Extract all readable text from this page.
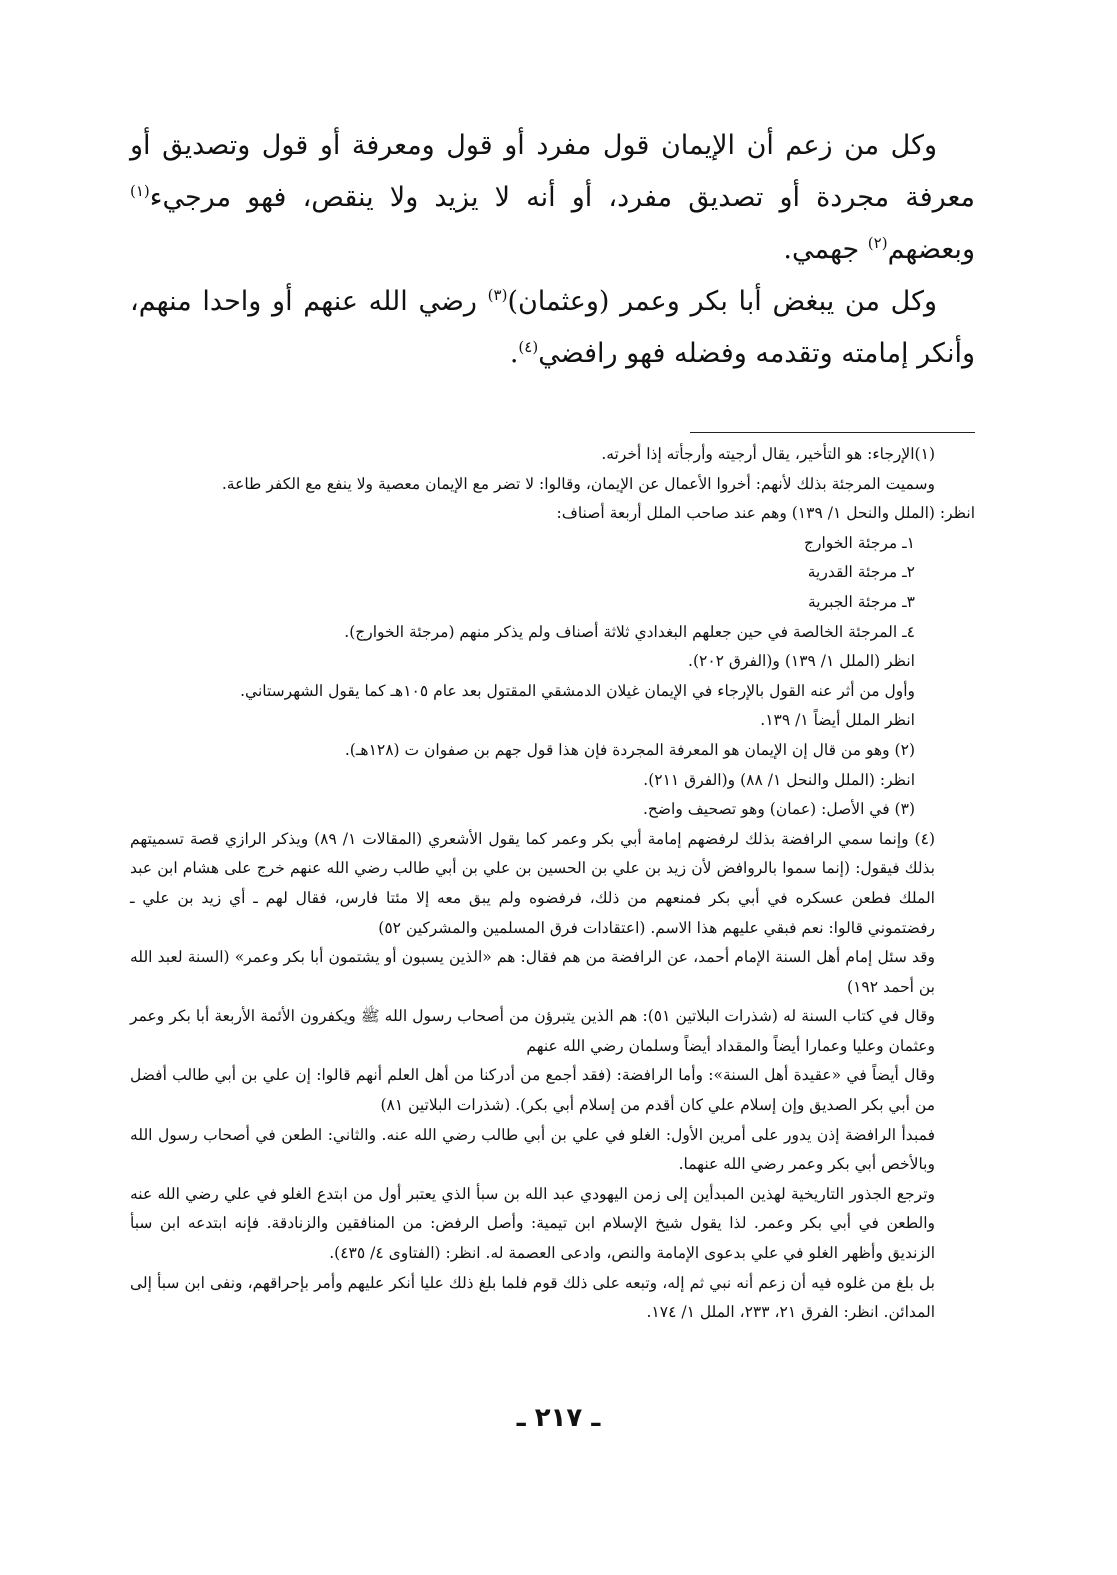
وكل من زعم أن الإيمان قول مفرد أو قول ومعرفة أو قول وتصديق أو معرفة مجردة أو تصديق مفرد، أو أنه لا يزيد ولا ينقص، فهو مرجيء$^{(١)}$ وبعضهم$^{(٢)}$ جهمي.

وكل من يبغض أبا بكر وعمر (وعثمان)$^{(٣)}$ رضي الله عنهم أو واحدا منهم، وأنكر إمامته وتقدمه وفضله فهو رافضي$^{(٤)}$.

(١)الإرجاء: هو التأخير، يقال أرجيته وأرجأته إذا أخرته.

وسميت المرجئة بذلك لأنهم: أخروا الأعمال عن الإيمان، وقالوا: لا تضر مع الإيمان معصية ولا ينفع مع الكفر طاعة.

انظر: (الملل والنحل ١/ ١٣٩) وهم عند صاحب الملل أربعة أصناف:

١ـ مرجئة الخوارج

٢ـ مرجئة القدرية

٣ـ مرجئة الجبرية

٤ـ المرجئة الخالصة في حين جعلهم البغدادي ثلاثة أصناف ولم يذكر منهم (مرجئة الخوارج).

انظر (الملل ١/ ١٣٩) و(الفرق ٢٠٢).

وأول من أثر عنه القول بالإرجاء في الإيمان غيلان الدمشقي المقتول بعد عام ١٠٥هـ كما يقول الشهرستاني.

انظر الملل أيضاً ١/ ١٣٩.

(٢) وهو من قال إن الإيمان هو المعرفة المجردة فإن هذا قول جهم بن صفوان ت (١٢٨هـ).

انظر: (الملل والنحل ١/ ٨٨) و(الفرق ٢١١).

(٣) في الأصل: (عمان) وهو تصحيف واضح.

(٤) وإنما سمي الرافضة بذلك لرفضهم إمامة أبي بكر وعمر كما يقول الأشعري (المقالات ١/ ٨٩) ويذكر الرازي قصة تسميتهم بذلك فيقول: (إنما سموا بالروافض لأن زيد بن علي بن الحسين بن علي بن أبي طالب رضي الله عنهم خرج على هشام ابن عبد الملك فطعن عسكره في أبي بكر فمنعهم من ذلك، فرفضوه ولم يبق معه إلا مئتا فارس، فقال لهم ـ أي زيد بن علي ـ رفضتموني قالوا: نعم فبقي عليهم هذا الاسم. (اعتقادات فرق المسلمين والمشركين ٥٢)

وقد سئل إمام أهل السنة الإمام أحمد، عن الرافضة من هم فقال: هم «الذين يسبون أو يشتمون أبا بكر وعمر» (السنة لعبد الله بن أحمد ١٩٢)

وقال في كتاب السنة له (شذرات البلاتين ٥١): هم الذين يتبرؤن من أصحاب رسول الله ﷺ ويكفرون الأئمة الأربعة أبا بكر وعمر وعثمان وعليا وعمارا أيضاً والمقداد أيضاً وسلمان رضي الله عنهم

وقال أيضاً في «عقيدة أهل السنة»: وأما الرافضة: (فقد أجمع من أدركنا من أهل العلم أنهم قالوا: إن علي بن أبي طالب أفضل من أبي بكر الصديق وإن إسلام علي كان أقدم من إسلام أبي بكر). (شذرات البلاتين ٨١)

فمبدأ الرافضة إذن يدور على أمرين الأول: الغلو في علي بن أبي طالب رضي الله عنه. والثاني: الطعن في أصحاب رسول الله وبالأخص أبي بكر وعمر رضي الله عنهما.

وترجع الجذور التاريخية لهذين المبدأين إلى زمن اليهودي عبد الله بن سبأ الذي يعتبر أول من ابتدع الغلو في علي رضي الله عنه والطعن في أبي بكر وعمر. لذا يقول شيخ الإسلام ابن تيمية: وأصل الرفض: من المنافقين والزنادقة. فإنه ابتدعه ابن سبأ الزنديق وأظهر الغلو في علي بدعوى الإمامة والنص، وادعى العصمة له. انظر: (الفتاوى ٤/ ٤٣٥).

بل بلغ من غلوه فيه أن زعم أنه نبي ثم إله، وتبعه على ذلك قوم فلما بلغ ذلك عليا أنكر عليهم وأمر بإحراقهم، ونفى ابن سبأ إلى المدائن. انظر: الفرق ٢١، ٢٣٣، الملل ١/ ١٧٤.

ـ ٢١٧ ـ
